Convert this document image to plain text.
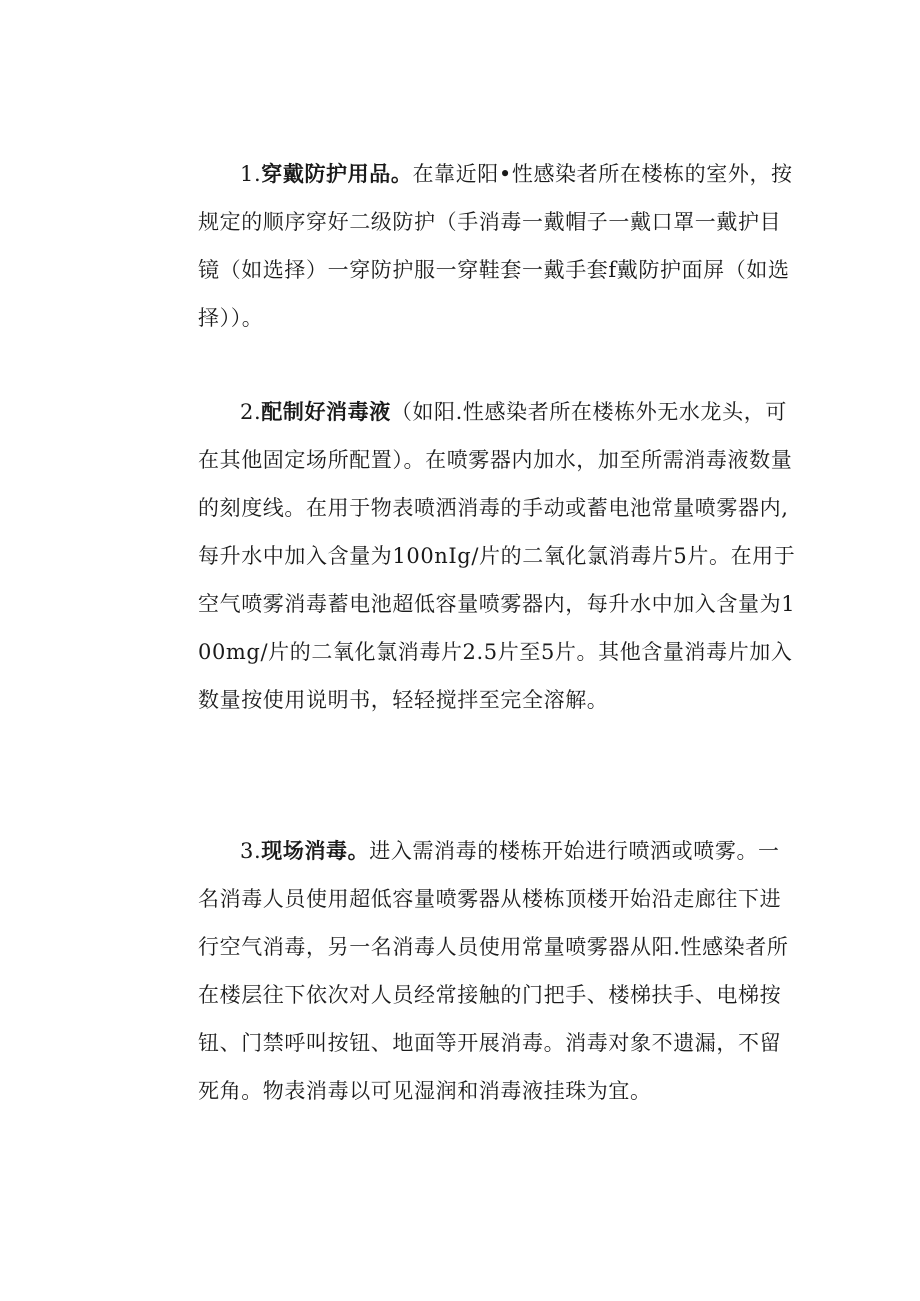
1.穿戴防护用品。在靠近阳•性感染者所在楼栋的室外，按规定的顺序穿好二级防护（手消毒一戴帽子一戴口罩一戴护目镜（如选择）一穿防护服一穿鞋套一戴手套f戴防护面屏（如选择））。

2.配制好消毒液（如阳.性感染者所在楼栋外无水龙头，可在其他固定场所配置）。在喷雾器内加水，加至所需消毒液数量的刻度线。在用于物表喷洒消毒的手动或蓄电池常量喷雾器内,每升水中加入含量为100nIg/片的二氧化氯消毒片5片。在用于空气喷雾消毒蓄电池超低容量喷雾器内，每升水中加入含量为100mg/片的二氧化氯消毒片2.5片至5片。其他含量消毒片加入数量按使用说明书，轻轻搅拌至完全溶解。

3.现场消毒。进入需消毒的楼栋开始进行喷洒或喷雾。一名消毒人员使用超低容量喷雾器从楼栋顶楼开始沿走廊往下进行空气消毒，另一名消毒人员使用常量喷雾器从阳.性感染者所在楼层往下依次对人员经常接触的门把手、楼梯扶手、电梯按钮、门禁呼叫按钮、地面等开展消毒。消毒对象不遗漏，不留死角。物表消毒以可见湿润和消毒液挂珠为宜。
